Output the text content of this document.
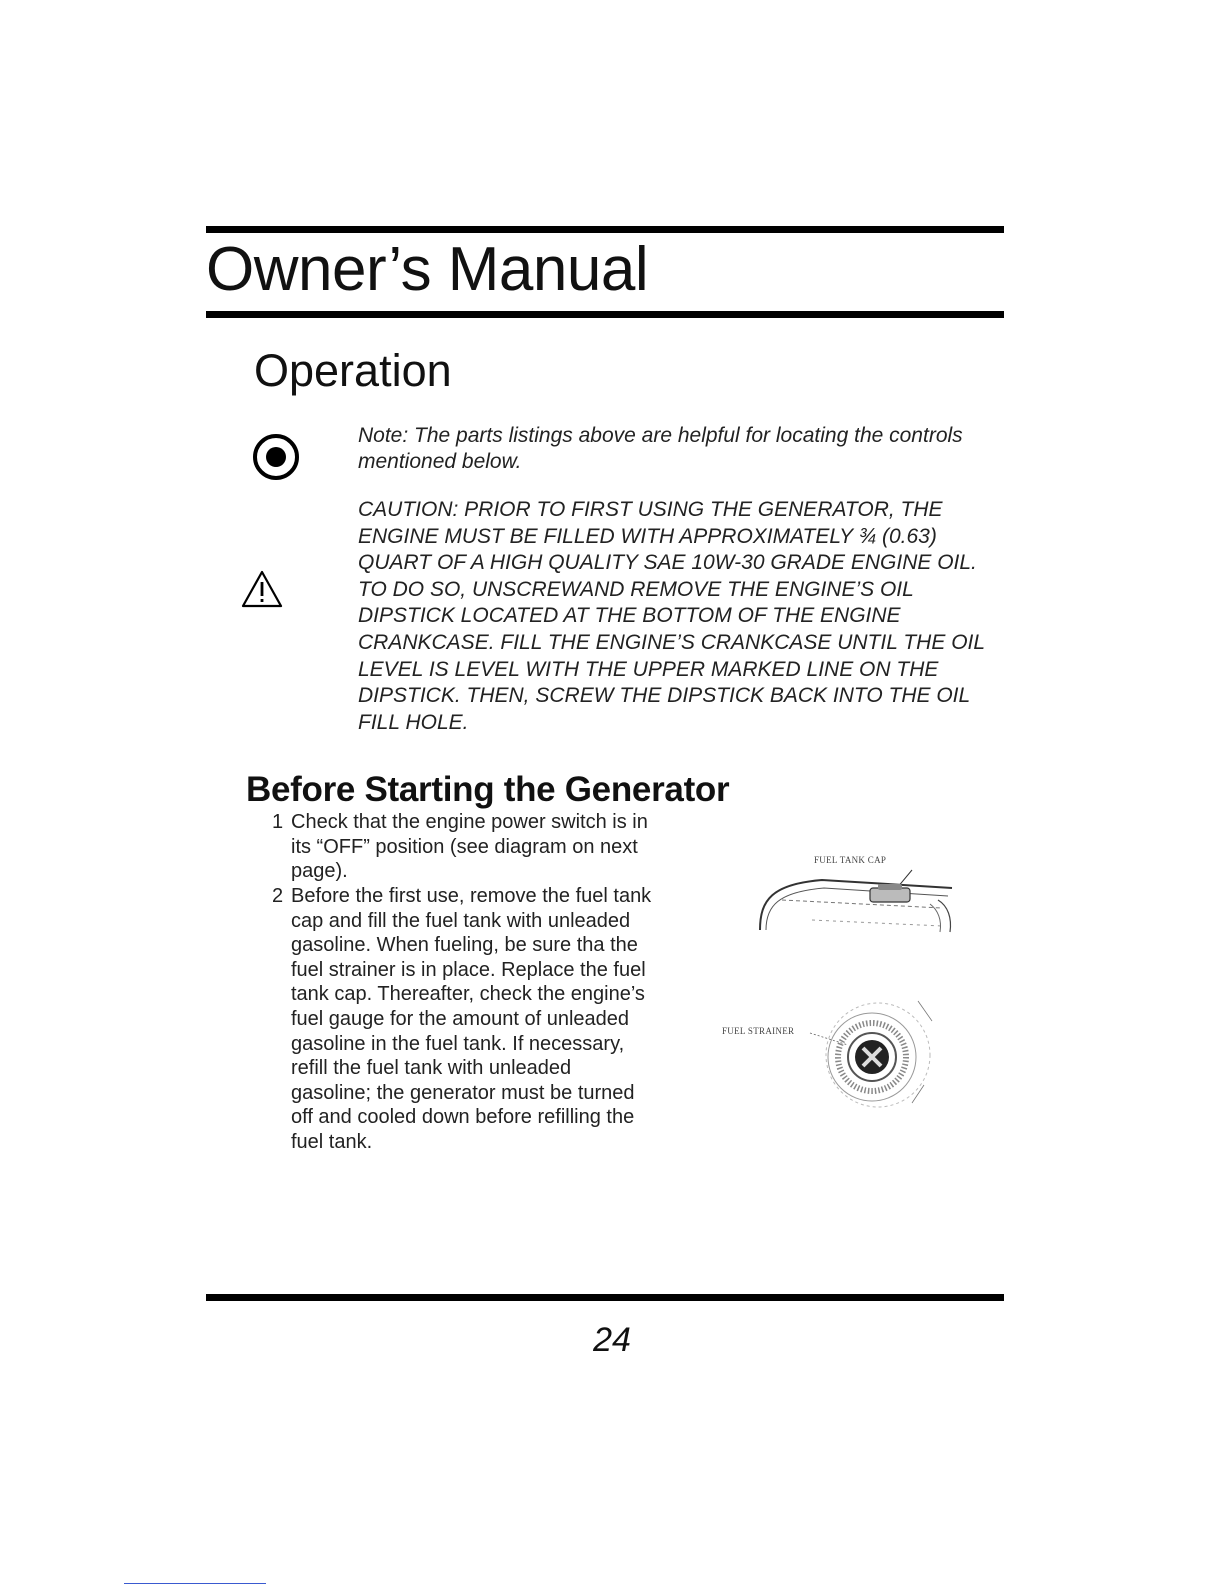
Owner’s Manual
Operation

Note: The parts listings above are helpful for locating the controls mentioned below.

CAUTION: PRIOR TO FIRST USING THE GENERATOR, THE ENGINE MUST BE FILLED WITH APPROXIMATELY ¾ (0.63) QUART OF A HIGH QUALITY SAE 10W-30 GRADE ENGINE OIL. TO DO SO, UNSCREWAND REMOVE THE ENGINE’S OIL DIPSTICK LOCATED AT THE BOTTOM OF THE ENGINE CRANKCASE. FILL THE ENGINE’S CRANKCASE UNTIL THE OIL LEVEL IS LEVEL WITH THE UPPER MARKED LINE ON THE DIPSTICK. THEN, SCREW THE DIPSTICK BACK INTO THE OIL FILL HOLE.

Before Starting the Generator
1 Check that the engine power switch is in its “OFF” position (see diagram on next page).
2 Before the first use, remove the fuel tank cap and fill the fuel tank with unleaded gasoline. When fueling, be sure tha the fuel strainer is in place. Replace the fuel tank cap. Thereafter, check the engine’s fuel gauge for the amount of unleaded gasoline in the fuel tank. If necessary, refill the fuel tank with unleaded gasoline; the generator must be turned off and cooled down before refilling the fuel tank.
FUEL TANK CAP
FUEL STRAINER

24
